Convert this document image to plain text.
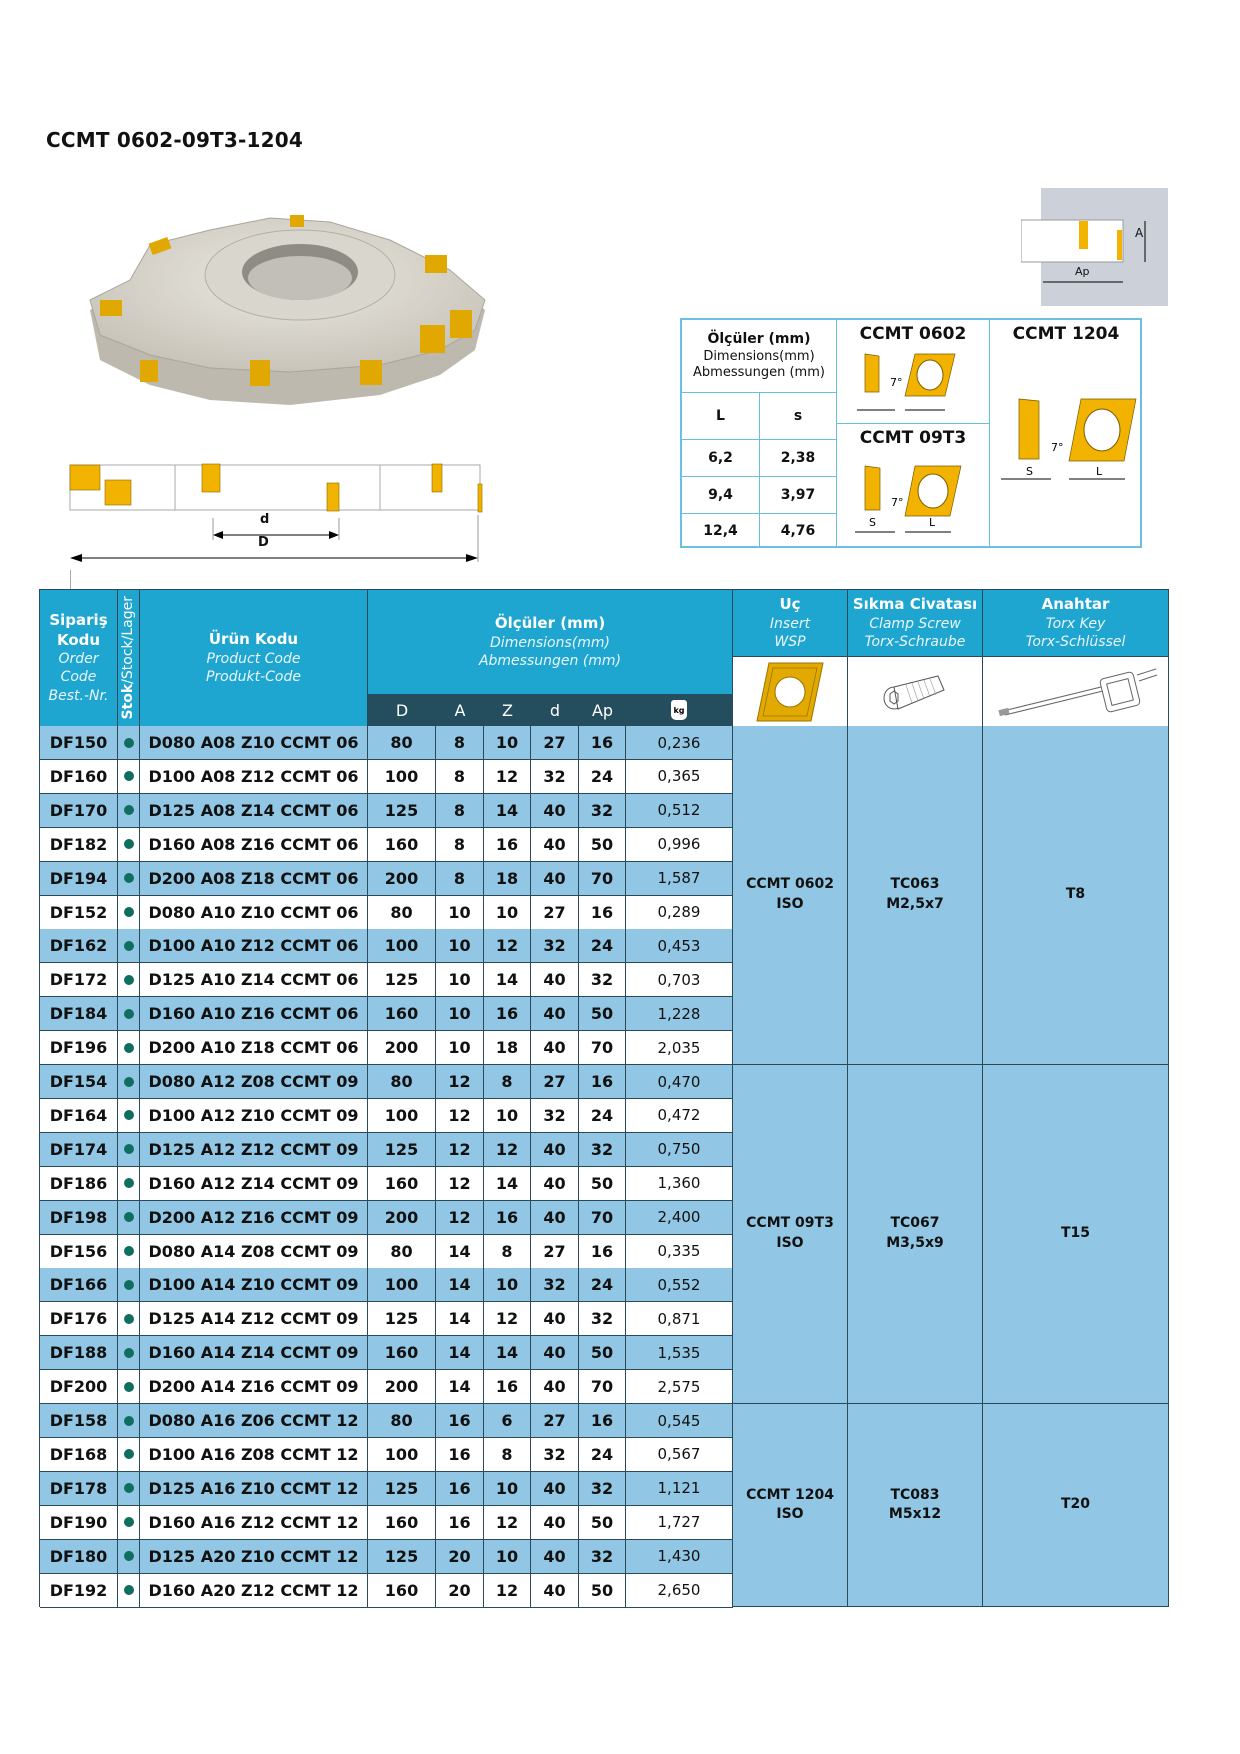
CCMT 0602-09T3-1204
d
D
A
Ap
Ölçüler (mm)
Dimensions(mm)
Abmessungen (mm)
L	s
6,2	2,38
9,4	3,97
12,4	4,76
CCMT 0602
7°
CCMT 09T3
7°
S	L
CCMT 1204
7°
S	L
Sipariş Kodu
Order Code
Best.-Nr. Stok/Stock/Lager	Ürün Kodu
Product Code
Produkt-Code
Ölçüler (mm)
Dimensions(mm)
Abmessungen (mm)
D	A	Z	d	Ap	kg
Uç
Insert
WSP
Sıkma Civatası
Clamp Screw
Torx-Schraube
Anahtar
Torx Key
Torx-Schlüssel
DF150	D080 A08 Z10 CCMT 06	80	8	10	27	16	0,236
DF160	D100 A08 Z12 CCMT 06	100	8	12	32	24	0,365
DF170	D125 A08 Z14 CCMT 06	125	8	14	40	32	0,512
DF182	D160 A08 Z16 CCMT 06	160	8	16	40	50	0,996
DF194	D200 A08 Z18 CCMT 06	200	8	18	40	70	1,587
DF152	D080 A10 Z10 CCMT 06	80	10	10	27	16	0,289
DF162	D100 A10 Z12 CCMT 06	100	10	12	32	24	0,453
DF172	D125 A10 Z14 CCMT 06	125	10	14	40	32	0,703
DF184	D160 A10 Z16 CCMT 06	160	10	16	40	50	1,228
DF196	D200 A10 Z18 CCMT 06	200	10	18	40	70	2,035
DF154	D080 A12 Z08 CCMT 09	80	12	8	27	16	0,470
DF164	D100 A12 Z10 CCMT 09	100	12	10	32	24	0,472
DF174	D125 A12 Z12 CCMT 09	125	12	12	40	32	0,750
DF186	D160 A12 Z14 CCMT 09	160	12	14	40	50	1,360
DF198	D200 A12 Z16 CCMT 09	200	12	16	40	70	2,400
DF156	D080 A14 Z08 CCMT 09	80	14	8	27	16	0,335
DF166	D100 A14 Z10 CCMT 09	100	14	10	32	24	0,552
DF176	D125 A14 Z12 CCMT 09	125	14	12	40	32	0,871
DF188	D160 A14 Z14 CCMT 09	160	14	14	40	50	1,535
DF200	D200 A14 Z16 CCMT 09	200	14	16	40	70	2,575
DF158	D080 A16 Z06 CCMT 12	80	16	6	27	16	0,545
DF168	D100 A16 Z08 CCMT 12	100	16	8	32	24	0,567
DF178	D125 A16 Z10 CCMT 12	125	16	10	40	32	1,121
DF190	D160 A16 Z12 CCMT 12	160	16	12	40	50	1,727
DF180	D125 A20 Z10 CCMT 12	125	20	10	40	32	1,430
DF192	D160 A20 Z12 CCMT 12	160	20	12	40	50	2,650
CCMT 0602
ISO
TC063
M2,5x7
T8
CCMT 09T3
ISO
TC067
M3,5x9
T15
CCMT 1204
ISO
TC083
M5x12
T20
